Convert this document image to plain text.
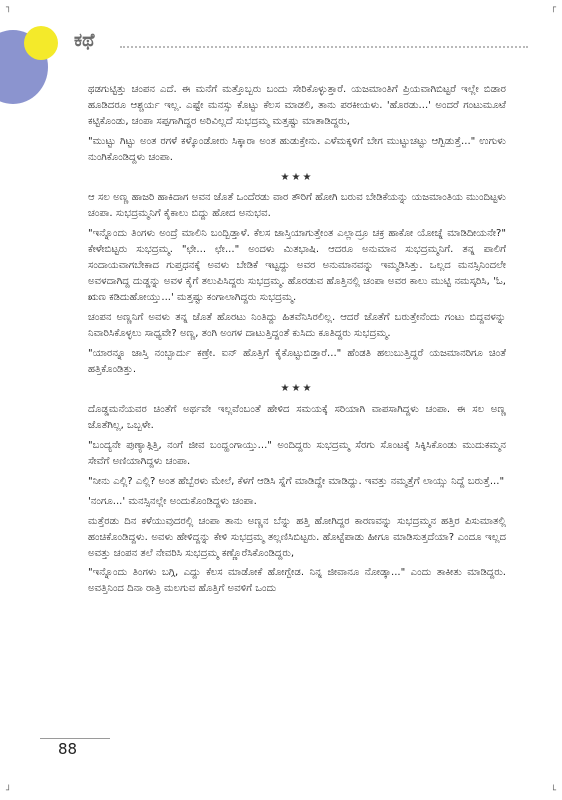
┐	┌
┘	└
ಕಥೆ

ಥಡಗುಟ್ಟಿತ್ತು ಚಂಪನ ಎದೆ. ಈ ಮನೆಗೆ ಮತ್ತೊಬ್ಬರು ಬಂದು ಸೇರಿಕೊಳ್ಳುತ್ತಾರೆ. ಯಜಮಾಂತಿಗೆ ಪ್ರಿಯವಾಗಿಬಿಟ್ಟರೆ ಇಲ್ಲೇ ಬಿಡಾರ ಹೂಡಿದರೂ ಆಶ್ಚರ್ಯ ಇಲ್ಲ. ಎಷ್ಟೇ ಮನಸ್ಸು ಕೊಟ್ಟು ಕೆಲಸ ಮಾಡಲಿ, ತಾನು ಪರಕೀಯಳು. 'ಹೊರಡು...' ಅಂದರೆ ಗಂಟುಮೂಟೆ ಕಟ್ಟಿಕೊಂಡು, ಚಂಪಾ ಸಪ್ಪಗಾಗಿದ್ದರ ಅರಿವಿಲ್ಲದೆ ಸುಭದ್ರಮ್ಮ ಮತ್ತಷ್ಟು ಮಾತಾಡಿದ್ದರು,

"ಮುಟ್ಟು ಗಿಟ್ಟು ಅಂತ ರಗಳೆ ಕಳ್ಕೊಂಡೋರು ಸಿಕ್ಕಾರಾ ಅಂತ ಹುಡುಕ್ತೇನು. ಎಳೆಮಕ್ಕಳಿಗೆ ಬೇಗ ಮುಟ್ಟುಚಟ್ಟು ಆಗ್ಬಿಡುತ್ತೆ..." ಉಗುಳು ನುಂಗಿಕೊಂಡಿದ್ದಳು ಚಂಪಾ.

★★★

ಆ ಸಲ ಅಣ್ಣ ಹಾಜರಿ ಹಾಕಿದಾಗ ಅವನ ಜೊತೆ ಒಂದೆರಡು ವಾರ ತೌರಿಗೆ ಹೋಗಿ ಬರುವ ಬೇಡಿಕೆಯನ್ನು ಯಜಮಾಂತಿಯ ಮುಂದಿಟ್ಟಳು ಚಂಪಾ. ಸುಭದ್ರಮ್ಮನಿಗೆ ಕೈಕಾಲು ಬಿದ್ದು ಹೋದ ಅನುಭವ.

"ಇನ್ನೊಂದು ತಿಂಗಳು ಅಂದ್ರೆ ಮಾಲಿನಿ ಬಂದ್ಬಿಡ್ತಾಳೆ. ಕೆಲಸ ಜಾಸ್ತಿಯಾಗುತ್ತೇಂತ ಎಲ್ಲಾದ್ರೂ ಚಕ್ರ ಹಾಕೋ ಯೋಚ್ನೆ ಮಾಡಿದೀಯನೇ?" ಕೇಳೇಬಿಟ್ಟರು ಸುಭದ್ರಮ್ಮ. "ಛೇ... ಛೇ..." ಅಂದಳು ಮಿತಭಾಷಿ. ಆದರೂ ಅನುಮಾನ ಸುಭದ್ರಮ್ಮನಿಗೆ. ತನ್ನ ಪಾಲಿಗೆ ಸಂದಾಯವಾಗಬೇಕಾದ ಗುಪ್ತಧನಕ್ಕೆ ಅವಳು ಬೇಡಿಕೆ ಇಟ್ಟದ್ದು ಅವರ ಅನುಮಾನವನ್ನು ಇಮ್ಮಡಿಸಿತ್ತು. ಒಲ್ಲದ ಮನಸ್ಸಿನಿಂದಲೇ ಅವಳದಾಗಿದ್ದ ದುಡ್ಡನ್ನು ಅವಳ ಕೈಗೆ ತಲುಪಿಸಿದ್ದರು ಸುಭದ್ರಮ್ಮ. ಹೊರಡುವ ಹೊತ್ತಿನಲ್ಲಿ ಚಂಪಾ ಅವರ ಕಾಲು ಮುಟ್ಟಿ ನಮಸ್ಕರಿಸಿ, 'ಓ, ಋಣ ಕಡಿದುಹೋಯ್ತು...' ಮತ್ತಷ್ಟು ಕಂಗಾಲಾಗಿದ್ದರು ಸುಭದ್ರಮ್ಮ.

ಚಂಪನ ಅಣ್ಣನಿಗೆ ಅವಳು ತನ್ನ ಜೊತೆ ಹೊರಟು ನಿಂತಿದ್ದು ಹಿತವೆನಿಸಿರಲಿಲ್ಲ. ಆದರೆ ಜೊತೆಗೆ ಬರುತ್ತೇನೆಂದು ಗಂಟು ಬಿದ್ದವಳನ್ನು ನಿವಾರಿಸಿಕೊಳ್ಳಲು ಸಾಧ್ಯವೇ? ಅಣ್ಣ, ತಂಗಿ ಅಂಗಳ ದಾಟುತ್ತಿದ್ದಂತೆ ಕುಸಿದು ಕೂತಿದ್ದರು ಸುಭದ್ರಮ್ಮ.

"ಯಾರನ್ನೂ ಜಾಸ್ತಿ ನಂಬ್ಬಾರ್ದು ಕಣ್ರೇ. ಐನ್ ಹೊತ್ತಿಗೆ ಕೈಕೊಟ್ಟುಬಿಡ್ತಾರೆ..." ಹೆಂಡತಿ ಹಲುಬುತ್ತಿದ್ದರೆ ಯಜಮಾನರಿಗೂ ಚಿಂತೆ ಹತ್ತಿಕೊಂಡಿತ್ತು.

★★★

ದೊಡ್ಡಮನೆಯವರ ಚಿಂತೆಗೆ ಅರ್ಥವೇ ಇಲ್ಲವೆಂಬಂತೆ ಹೇಳಿದ ಸಮಯಕ್ಕೆ ಸರಿಯಾಗಿ ವಾಪಸಾಗಿದ್ದಳು ಚಂಪಾ. ಈ ಸಲ ಅಣ್ಣ ಜೊತೆಗಿಲ್ಲ, ಒಬ್ಬಳೇ.

"ಬಂದ್ಯನೇ ಪುಣ್ಯಾತ್ಗಿತ್ತಿ, ನಂಗೆ ಜೀವ ಬಂದ್ಹಂಗಾಯ್ತು..." ಅಂದಿದ್ದರು ಸುಭದ್ರಮ್ಮ ಸೆರಗು ಸೊಂಟಕ್ಕೆ ಸಿಕ್ಕಿಸಿಕೊಂಡು ಮುದುಕಮ್ಮನ ಸೇವೆಗೆ ಅಣಿಯಾಗಿದ್ದಳು ಚಂಪಾ.

"ನೀನು ಎಲ್ಲಿ? ಎಲ್ಲಿ? ಅಂತ ಹೆಬ್ಬೆರಳು ಮೇಲೆ, ಕೆಳಗೆ ಆಡಿಸಿ ಸ್ನೆಗೆ ಮಾಡಿದ್ದೇ ಮಾಡಿದ್ದು. ಇವತ್ತು ನಮ್ಮತ್ತೆಗೆ ಲಾಯ್ಸು ನಿದ್ದೆ ಬರುತ್ತೆ..."

'ನಂಗೂ...' ಮನಸ್ಸಿನಲ್ಲೇ ಅಂದುಕೊಂಡಿದ್ದಳು ಚಂಪಾ.

ಮತ್ತೆರಡು ದಿನ ಕಳೆಯುವುದರಲ್ಲಿ ಚಂಪಾ ತಾನು ಅಣ್ಣನ ಬೆನ್ನು ಹತ್ತಿ ಹೋಗಿದ್ದರ ಕಾರಣವನ್ನು ಸುಭದ್ರಮ್ಮನ ಹತ್ತಿರ ಪಿಸುಮಾತಲ್ಲಿ ಹಂಚಿಕೊಂಡಿದ್ದಳು. ಅವಳು ಹೇಳಿದ್ದನ್ನು ಕೇಳಿ ಸುಭದ್ರಮ್ಮ ತಲ್ಲಣಿಸಿಬಿಟ್ಟರು. ಹೊಟ್ಟೆಪಾಡು ಹೀಗೂ ಮಾಡಿಸುತ್ತದೆಯಾ? ಎಂದೂ ಇಲ್ಲದ ಅವತ್ತು ಚಂಪನ ತಲೆ ನೇವರಿಸಿ ಸುಭದ್ರಮ್ಮ ಕಣ್ಣೊರೆಸಿಕೊಂಡಿದ್ದರು,

"ಇನ್ನೊಂದು ತಿಂಗಳು ಬಗ್ಗಿ, ಎದ್ದು ಕೆಲಸ ಮಾಡೋಕೆ ಹೋಗ್ಬೇಡ. ನಿನ್ನ ಜೀವಾನೂ ನೋಡ್ಕಾ..." ಎಂದು ತಾಕೀತು ಮಾಡಿದ್ದರು. ಅವತ್ತಿನಿಂದ ದಿನಾ ರಾತ್ರಿ ಮಲಗುವ ಹೊತ್ತಿಗೆ ಅವಳಿಗೆ ಒಂದು

88
